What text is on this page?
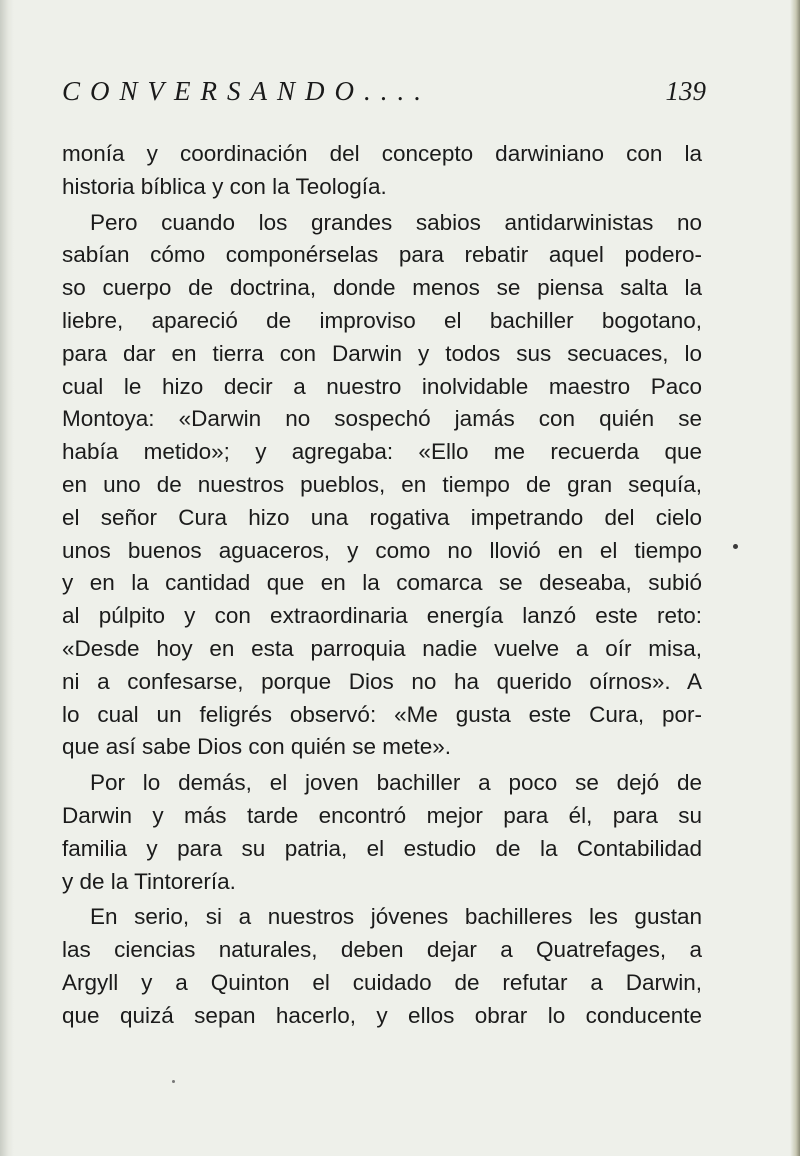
CONVERSANDO....	139
monía y coordinación del concepto darwiniano con la
historia bíblica y con la Teología.
Pero cuando los grandes sabios antidarwinistas no
sabían cómo componérselas para rebatir aquel podero-
so cuerpo de doctrina, donde menos se piensa salta la
liebre, apareció de improviso el bachiller bogotano,
para dar en tierra con Darwin y todos sus secuaces, lo
cual le hizo decir a nuestro inolvidable maestro Paco
Montoya: «Darwin no sospechó jamás con quién se
había metido»; y agregaba: «Ello me recuerda que
en uno de nuestros pueblos, en tiempo de gran sequía,
el señor Cura hizo una rogativa impetrando del cielo
unos buenos aguaceros, y como no llovió en el tiempo
y en la cantidad que en la comarca se deseaba, subió
al púlpito y con extraordinaria energía lanzó este reto:
«Desde hoy en esta parroquia nadie vuelve a oír misa,
ni a confesarse, porque Dios no ha querido oírnos». A
lo cual un feligrés observó: «Me gusta este Cura, por-
que así sabe Dios con quién se mete».
Por lo demás, el joven bachiller a poco se dejó de
Darwin y más tarde encontró mejor para él, para su
familia y para su patria, el estudio de la Contabilidad
y de la Tintorería.
En serio, si a nuestros jóvenes bachilleres les gustan
las ciencias naturales, deben dejar a Quatrefages, a
Argyll y a Quinton el cuidado de refutar a Darwin,
que quizá sepan hacerlo, y ellos obrar lo conducente
